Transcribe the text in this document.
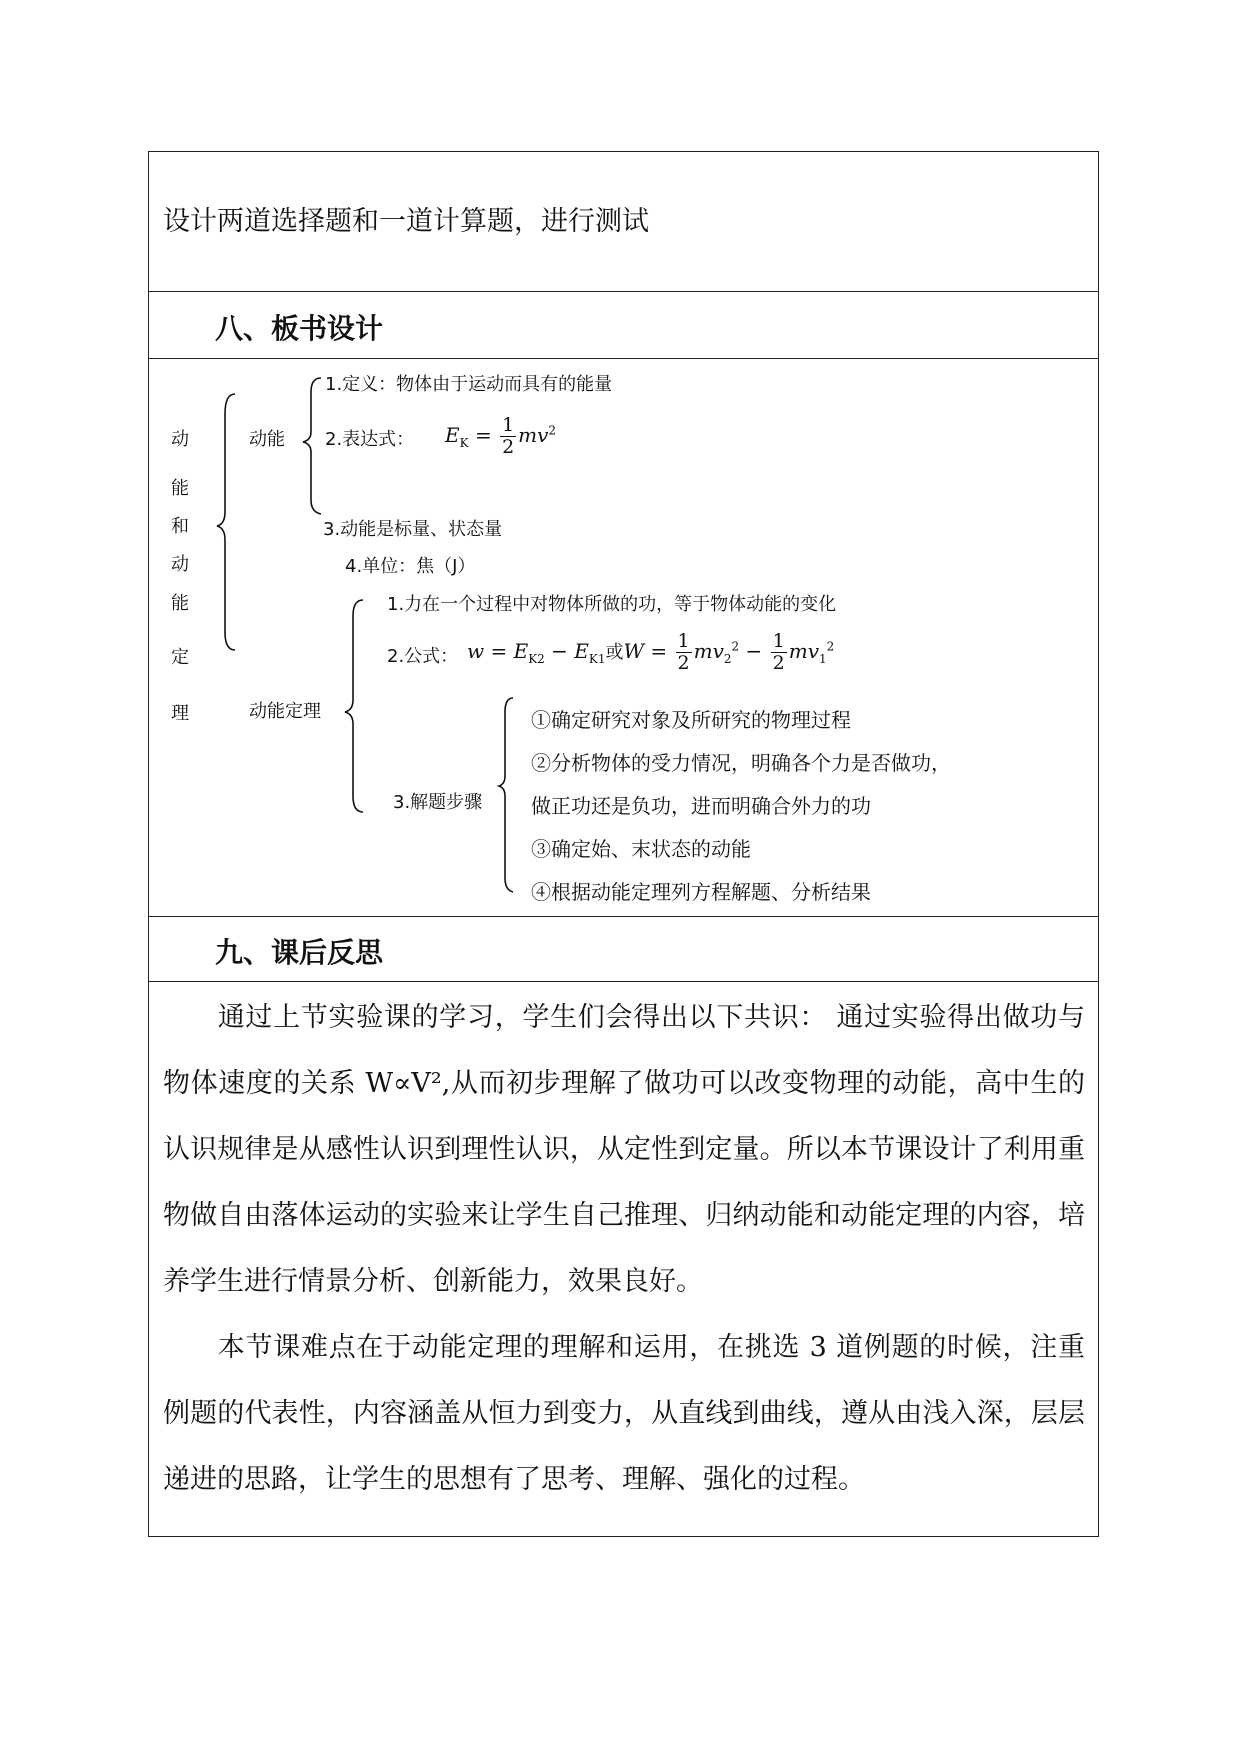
设计两道选择题和一道计算题，进行测试
八、板书设计
动
能
和
动
能
定
理
动能
1.定义：物体由于运动而具有的能量
2.表达式： $E_K = \frac{1}{2} mv^2$
3.动能是标量、状态量
4.单位：焦（J）
动能定理
1.力在一个过程中对物体所做的功，等于物体动能的变化
2.公式： $w = E_{K2} - E_{K1}$或$W = \frac{1}{2} mv_2^2 - \frac{1}{2} mv_1^2$
3.解题步骤
①确定研究对象及所研究的物理过程
②分析物体的受力情况，明确各个力是否做功，
做正功还是负功，进而明确合外力的功
③确定始、末状态的动能
④根据动能定理列方程解题、分析结果
九、课后反思

通过上节实验课的学习，学生们会得出以下共识： 通过实验得出做功与物体速度的关系 W∝V²,从而初步理解了做功可以改变物理的动能，高中生的认识规律是从感性认识到理性认识，从定性到定量。所以本节课设计了利用重物做自由落体运动的实验来让学生自己推理、归纳动能和动能定理的内容，培养学生进行情景分析、创新能力，效果良好。

本节课难点在于动能定理的理解和运用，在挑选 3 道例题的时候，注重例题的代表性，内容涵盖从恒力到变力，从直线到曲线，遵从由浅入深，层层递进的思路，让学生的思想有了思考、理解、强化的过程。
